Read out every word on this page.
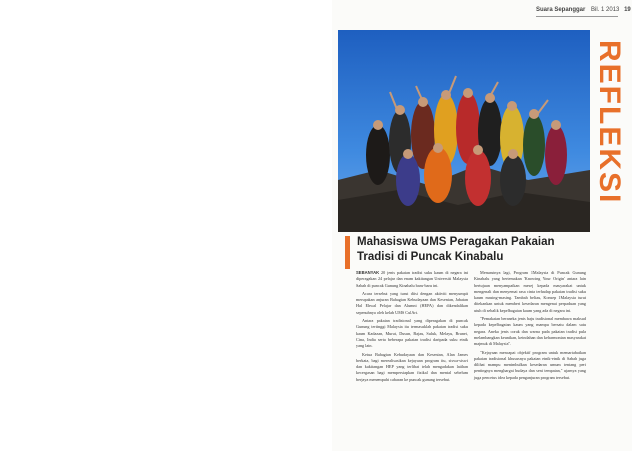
Suara Sepanggar Bil. 1 2013 19
REFLEKSI
Mahasiswa UMS Peragakan Pakaian Tradisi di Puncak Kinabalu

SEBANYAK 20 jenis pakaian tradisi suku kaum di negara ini diperagakan 24 pelajar dan enam kakitangan Universiti Malaysia Sabah di puncak Gunung Kinabalu baru-baru ini.

Acara tersebut yang turut diisi dengan aktiviti menyumpit merupakan anjuran Bahagian Kebudayaan dan Kesenian, Jabatan Hal Ehwal Pelajar dan Alumni (HEPA) dan dikendalikan sepenuhnya oleh kelab UMS CulArt.

Antara pakaian tradisional yang diperagakan di puncak Gunung tertinggi Malaysia itu termasuklah pakaian tradisi suku kaum Kadazan, Murut, Dusun, Bajau, Suluk, Melayu, Brunei, Cina, India serta beberapa pakaian tradisi daripada suku etnik yang lain.

Ketua Bahagian Kebudayaan dan Kesenian, Alan James berkata, bagi merealisasikan kejayaan program itu, siswa-siswi dan kakitangan HEP yang terlibat telah mengadakan latihan kecergasan bagi mempersiapkan fizikal dan mental sebelum berjaya menempuhi cabaran ke puncak gunung tersebut.

Menurutnya lagi, Program 1Malaysia di Puncak Gunung Kinabalu yang bertemakan 'Knowing Your Origin' antara lain bertujuan menyampaikan mesej kepada masyarakat untuk mengenali dan menyemai rasa cinta terhadap pakaian tradisi suku kaum masing-masing. Tambah beliau, Konsep 1Malaysia turut ditekankan untuk memberi kesedaran mengenai perpaduan yang utuh di sebalik kepelbagaian kaum yang ada di negara ini.

"Pemakaian beraneka jenis baju tradisional membawa maksud kepada kepelbagaian kaum yang mampu bersatu dalam satu negara. Aneka jenis corak dan warna pada pakaian tradisi pula melambangkan keunikan, keindahan dan keharmonian masyarakat majmuk di Malaysia".

"Kejayaan mencapai objektif program untuk memartabatkan pakaian tradisional khususnya pakaian etnik-etnik di Sabah juga dilihat mampu menimbulkan kesedaran umum tentang peri pentingnya menghargai budaya dan seni tempatan," ujarnya yang juga pencetus idea kepada penganjuran program tersebut.
